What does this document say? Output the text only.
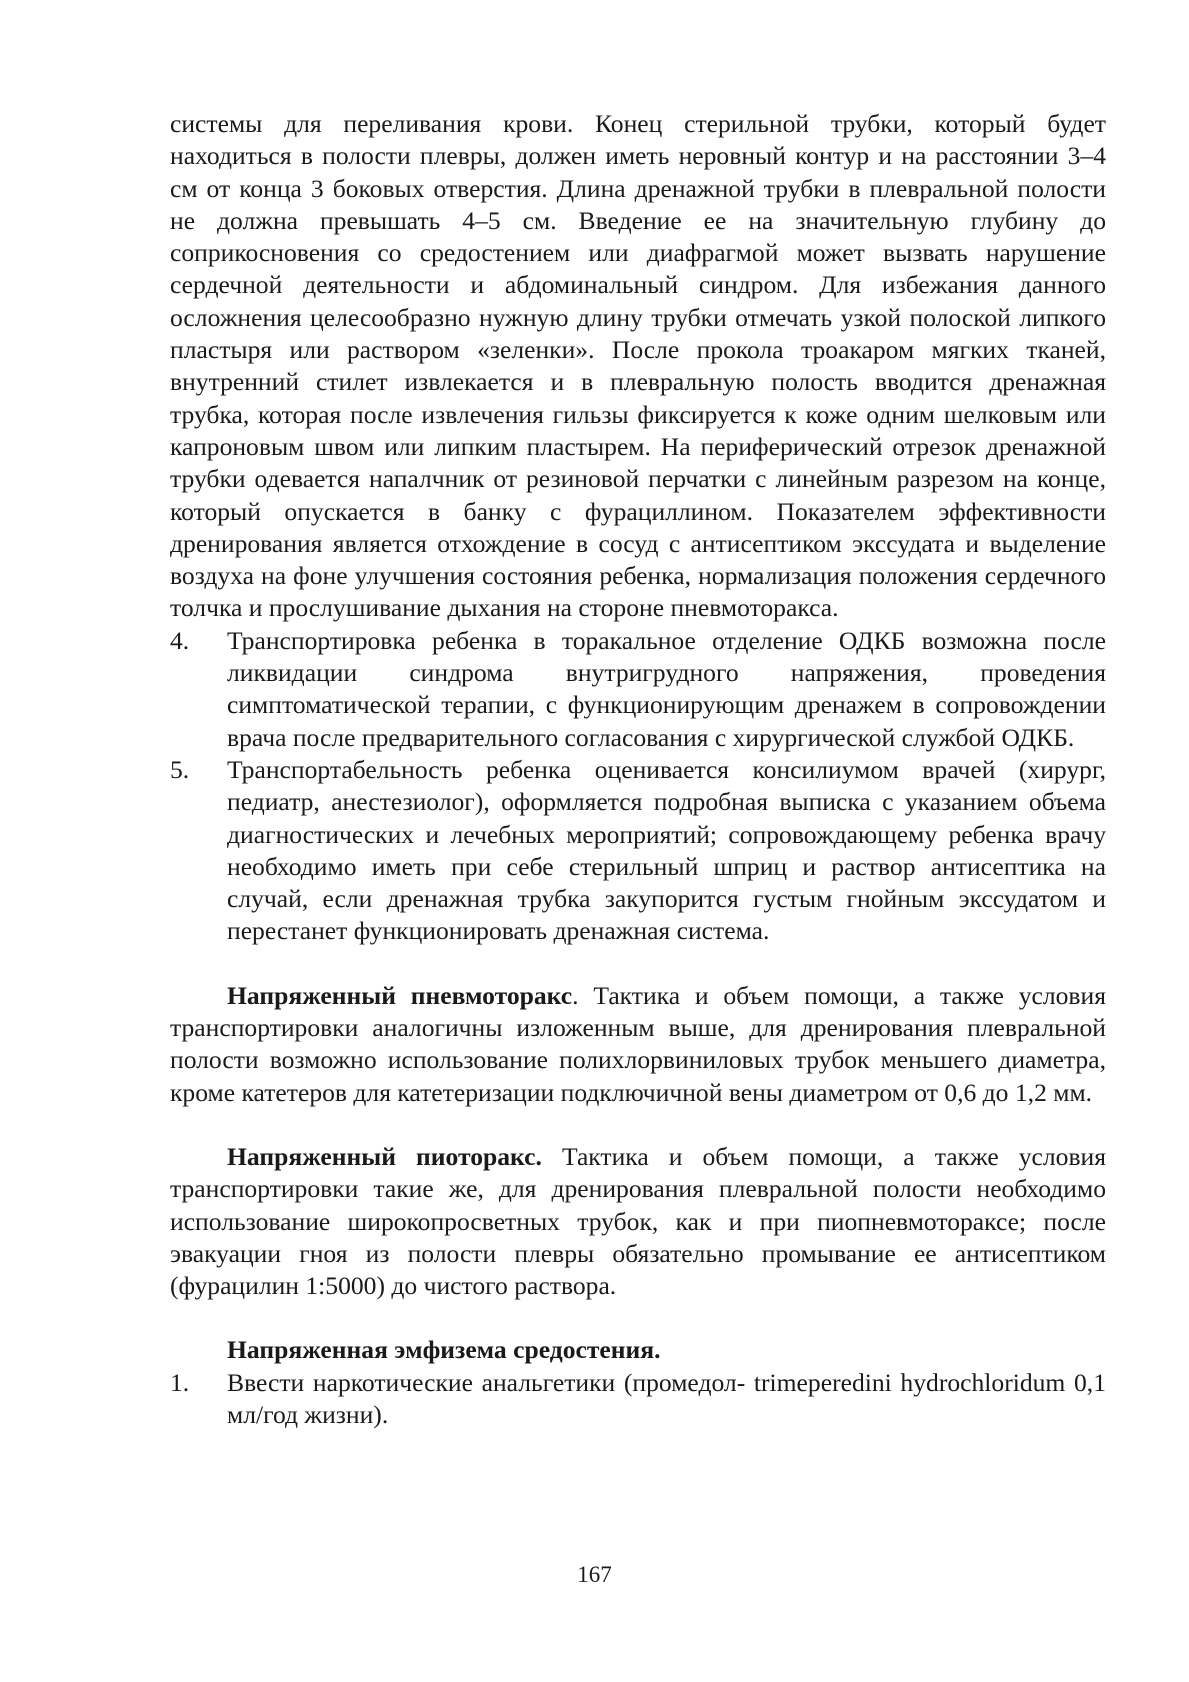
системы для переливания крови. Конец стерильной трубки, который будет находиться в полости плевры, должен иметь неровный контур и на расстоянии 3–4 см от конца 3 боковых отверстия. Длина дренажной трубки в плевральной полости не должна превышать 4–5 см. Введение ее на значительную глубину до соприкосновения со средостением или диафрагмой может вызвать нарушение сердечной деятельности и абдоминальный синдром. Для избежания данного осложнения целесообразно нужную длину трубки отмечать узкой полоской липкого пластыря или раствором «зеленки». После прокола троакаром мягких тканей, внутренний стилет извлекается и в плевральную полость вводится дренажная трубка, которая после извлечения гильзы фиксируется к коже одним шелковым или капроновым швом или липким пластырем. На периферический отрезок дренажной трубки одевается напалчник от резиновой перчатки с линейным разрезом на конце, который опускается в банку с фурациллином. Показателем эффективности дренирования является отхождение в сосуд с антисептиком экссудата и выделение воздуха на фоне улучшения состояния ребенка, нормализация положения сердечного толчка и прослушивание дыхания на стороне пневмоторакса.

4.	Транспортировка ребенка в торакальное отделение ОДКБ возможна после ликвидации синдрома внутригрудного напряжения, проведения симптоматической терапии, с функционирующим дренажем в сопровождении врача после предварительного согласования с хирургической службой ОДКБ.
5.	Транспортабельность ребенка оценивается консилиумом врачей (хирург, педиатр, анестезиолог), оформляется подробная выписка с указанием объема диагностических и лечебных мероприятий; сопровождающему ребенка врачу необходимо иметь при себе стерильный шприц и раствор антисептика на случай, если дренажная трубка закупорится густым гнойным экссудатом и перестанет функционировать дренажная система.

Напряженный пневмоторакс. Тактика и объем помощи, а также условия транспортировки аналогичны изложенным выше, для дренирования плевральной полости возможно использование полихлорвиниловых трубок меньшего диаметра, кроме катетеров для катетеризации подключичной вены диаметром от 0,6 до 1,2 мм.

Напряженный пиоторакс. Тактика и объем помощи, а также условия транспортировки такие же, для дренирования плевральной полости необходимо использование широкопросветных трубок, как и при пиопневмотораксе; после эвакуации гноя из полости плевры обязательно промывание ее антисептиком (фурацилин 1:5000) до чистого раствора.

Напряженная эмфизема средостения.
1.	Ввести наркотические анальгетики (промедол- trimeperedini hydrochloridum 0,1 мл/год жизни).
167
